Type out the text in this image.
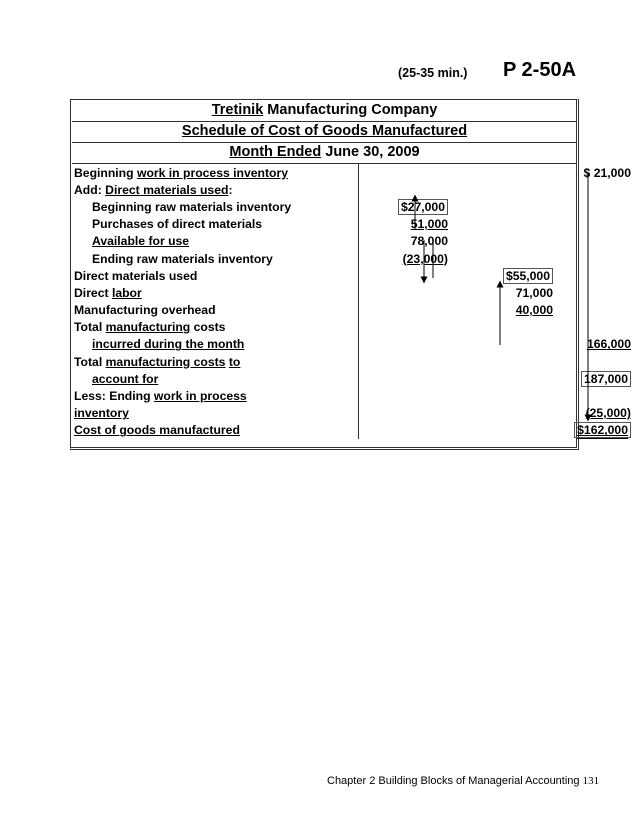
(25-35 min.) P 2-50A
Tretinik Manufacturing Company
Schedule of Cost of Goods Manufactured
Month Ended June 30, 2009
Beginning work in process inventory			$ 21,000
Add: Direct materials used:			
Beginning raw materials inventory	$27,000		
Purchases of direct materials	51,000		
Available for use	78,000		
Ending raw materials inventory	(23,000)		
Direct materials used		$55,000	
Direct labor		71,000	
Manufacturing overhead		40,000	
Total manufacturing costs			
incurred during the month			166,000
Total manufacturing costs to			
account for			187,000
Less: Ending work in process			
inventory			(25,000)
Cost of goods manufactured			$162,000
Chapter 2 Building Blocks of Managerial Accounting 131
